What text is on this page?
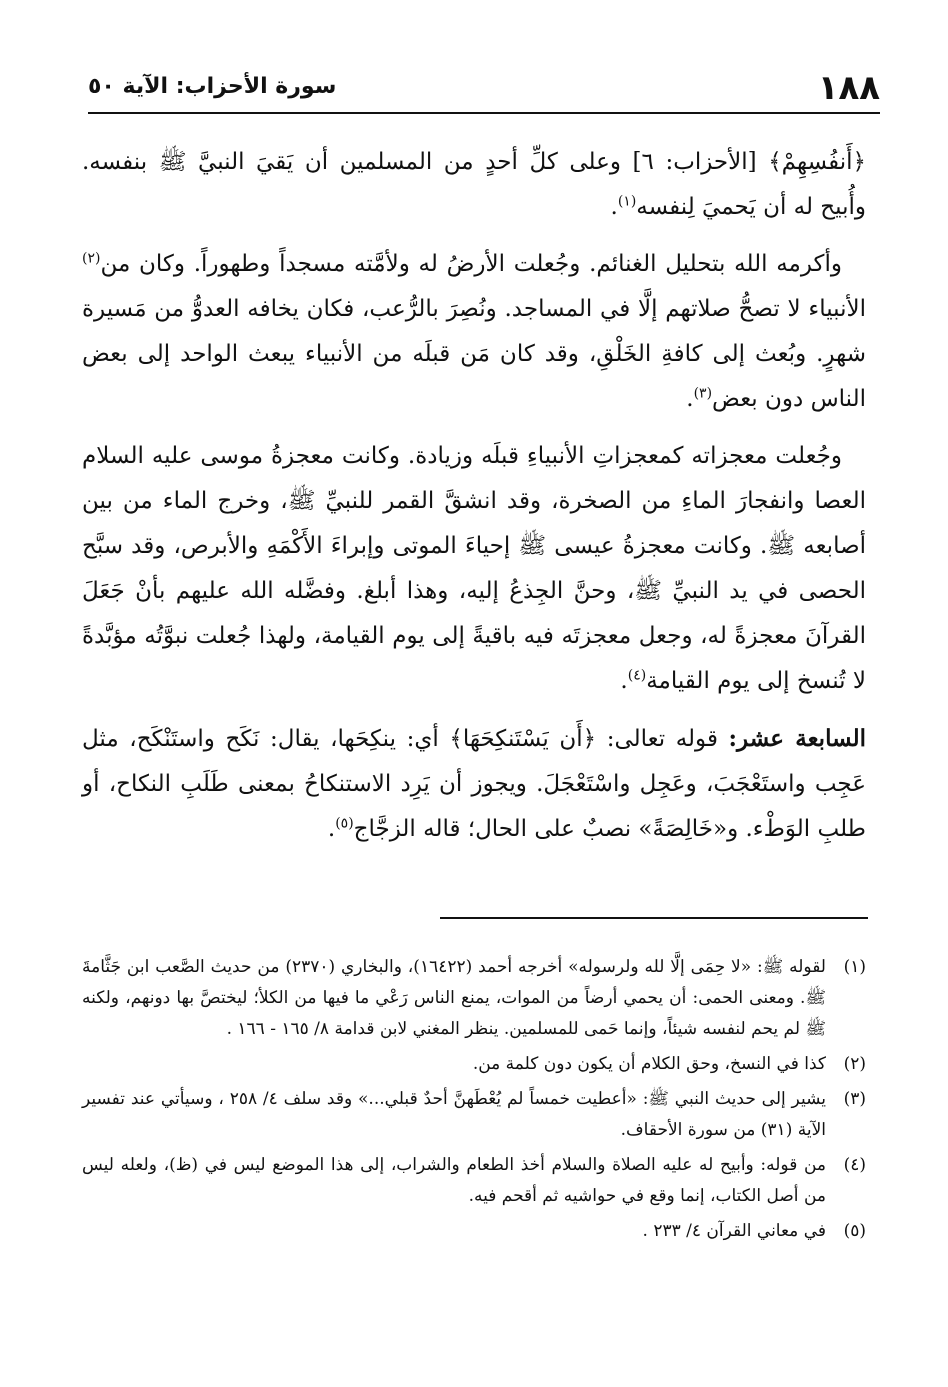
١٨٨
سورة الأحزاب: الآية ٥٠

﴿أَنفُسِهِمْ﴾ [الأحزاب: ٦] وعلى كلِّ أحدٍ من المسلمين أن يَقيَ النبيَّ ﷺ بنفسه. وأُبيح له أن يَحميَ لِنفسه$^{(١)}$.

وأكرمه الله بتحليل الغنائم. وجُعلت الأرضُ له ولأمَّته مسجداً وطهوراً. وكان من$^{(٢)}$ الأنبياء لا تصحُّ صلاتهم إلَّا في المساجد. ونُصِرَ بالرُّعب، فكان يخافه العدوُّ من مَسيرة شهرٍ. وبُعث إلى كافةِ الخَلْقِ، وقد كان مَن قبلَه من الأنبياء يبعث الواحد إلى بعض الناس دون بعض$^{(٣)}$.

وجُعلت معجزاته كمعجزاتِ الأنبياءِ قبلَه وزيادة. وكانت معجزةُ موسى عليه السلام العصا وانفجارَ الماءِ من الصخرة، وقد انشقَّ القمر للنبيِّ ﷺ، وخرج الماء من بين أصابعه ﷺ. وكانت معجزةُ عيسى ﷺ إحياءَ الموتى وإبراءَ الأَكْمَهِ والأبرص، وقد سبَّح الحصى في يد النبيِّ ﷺ، وحنَّ الجِذعُ إليه، وهذا أبلغ. وفضَّله الله عليهم بأنْ جَعَلَ القرآنَ معجزةً له، وجعل معجزتَه فيه باقيةً إلى يوم القيامة، ولهذا جُعلت نبوَّتُه مؤبَّدةً لا تُنسخ إلى يوم القيامة$^{(٤)}$.

السابعة عشر: قوله تعالى: ﴿أَن يَسْتَنكِحَهَا﴾ أي: ينكِحَها، يقال: نَكَح واستَنْكَح، مثل عَجِب واستَعْجَبَ، وعَجِل واسْتَعْجَلَ. ويجوز أن يَرِد الاستنكاحُ بمعنى طَلَبِ النكاح، أو طلبِ الوَطْء. و«خَالِصَةً» نصبٌ على الحال؛ قاله الزجَّاج$^{(٥)}$.

(١)
لقوله ﷺ: «لا حِمَى إلَّا لله ولرسوله» أخرجه أحمد (١٦٤٢٢)، والبخاري (٢٣٧٠) من حديث الصَّعب ابن جَثَّامةَ ﷺ. ومعنى الحمى: أن يحمي أرضاً من الموات، يمنع الناس رَعْي ما فيها من الكلأ؛ ليختصَّ بها دونهم، ولكنه ﷺ لم يحم لنفسه شيئاً، وإنما حَمى للمسلمين. ينظر المغني لابن قدامة ٨/ ١٦٥ - ١٦٦ .
(٢)
كذا في النسخ، وحق الكلام أن يكون دون كلمة من.
(٣)
يشير إلى حديث النبي ﷺ: «أعطيت خمساً لم يُعْطَهنَّ أحدٌ قبلي...» وقد سلف ٤/ ٢٥٨ ، وسيأتي عند تفسير الآية (٣١) من سورة الأحقاف.
(٤)
من قوله: وأبيح له عليه الصلاة والسلام أخذ الطعام والشراب، إلى هذا الموضع ليس في (ظ)، ولعله ليس من أصل الكتاب، إنما وقع في حواشيه ثم أقحم فيه.
(٥)
في معاني القرآن ٤/ ٢٣٣ .
